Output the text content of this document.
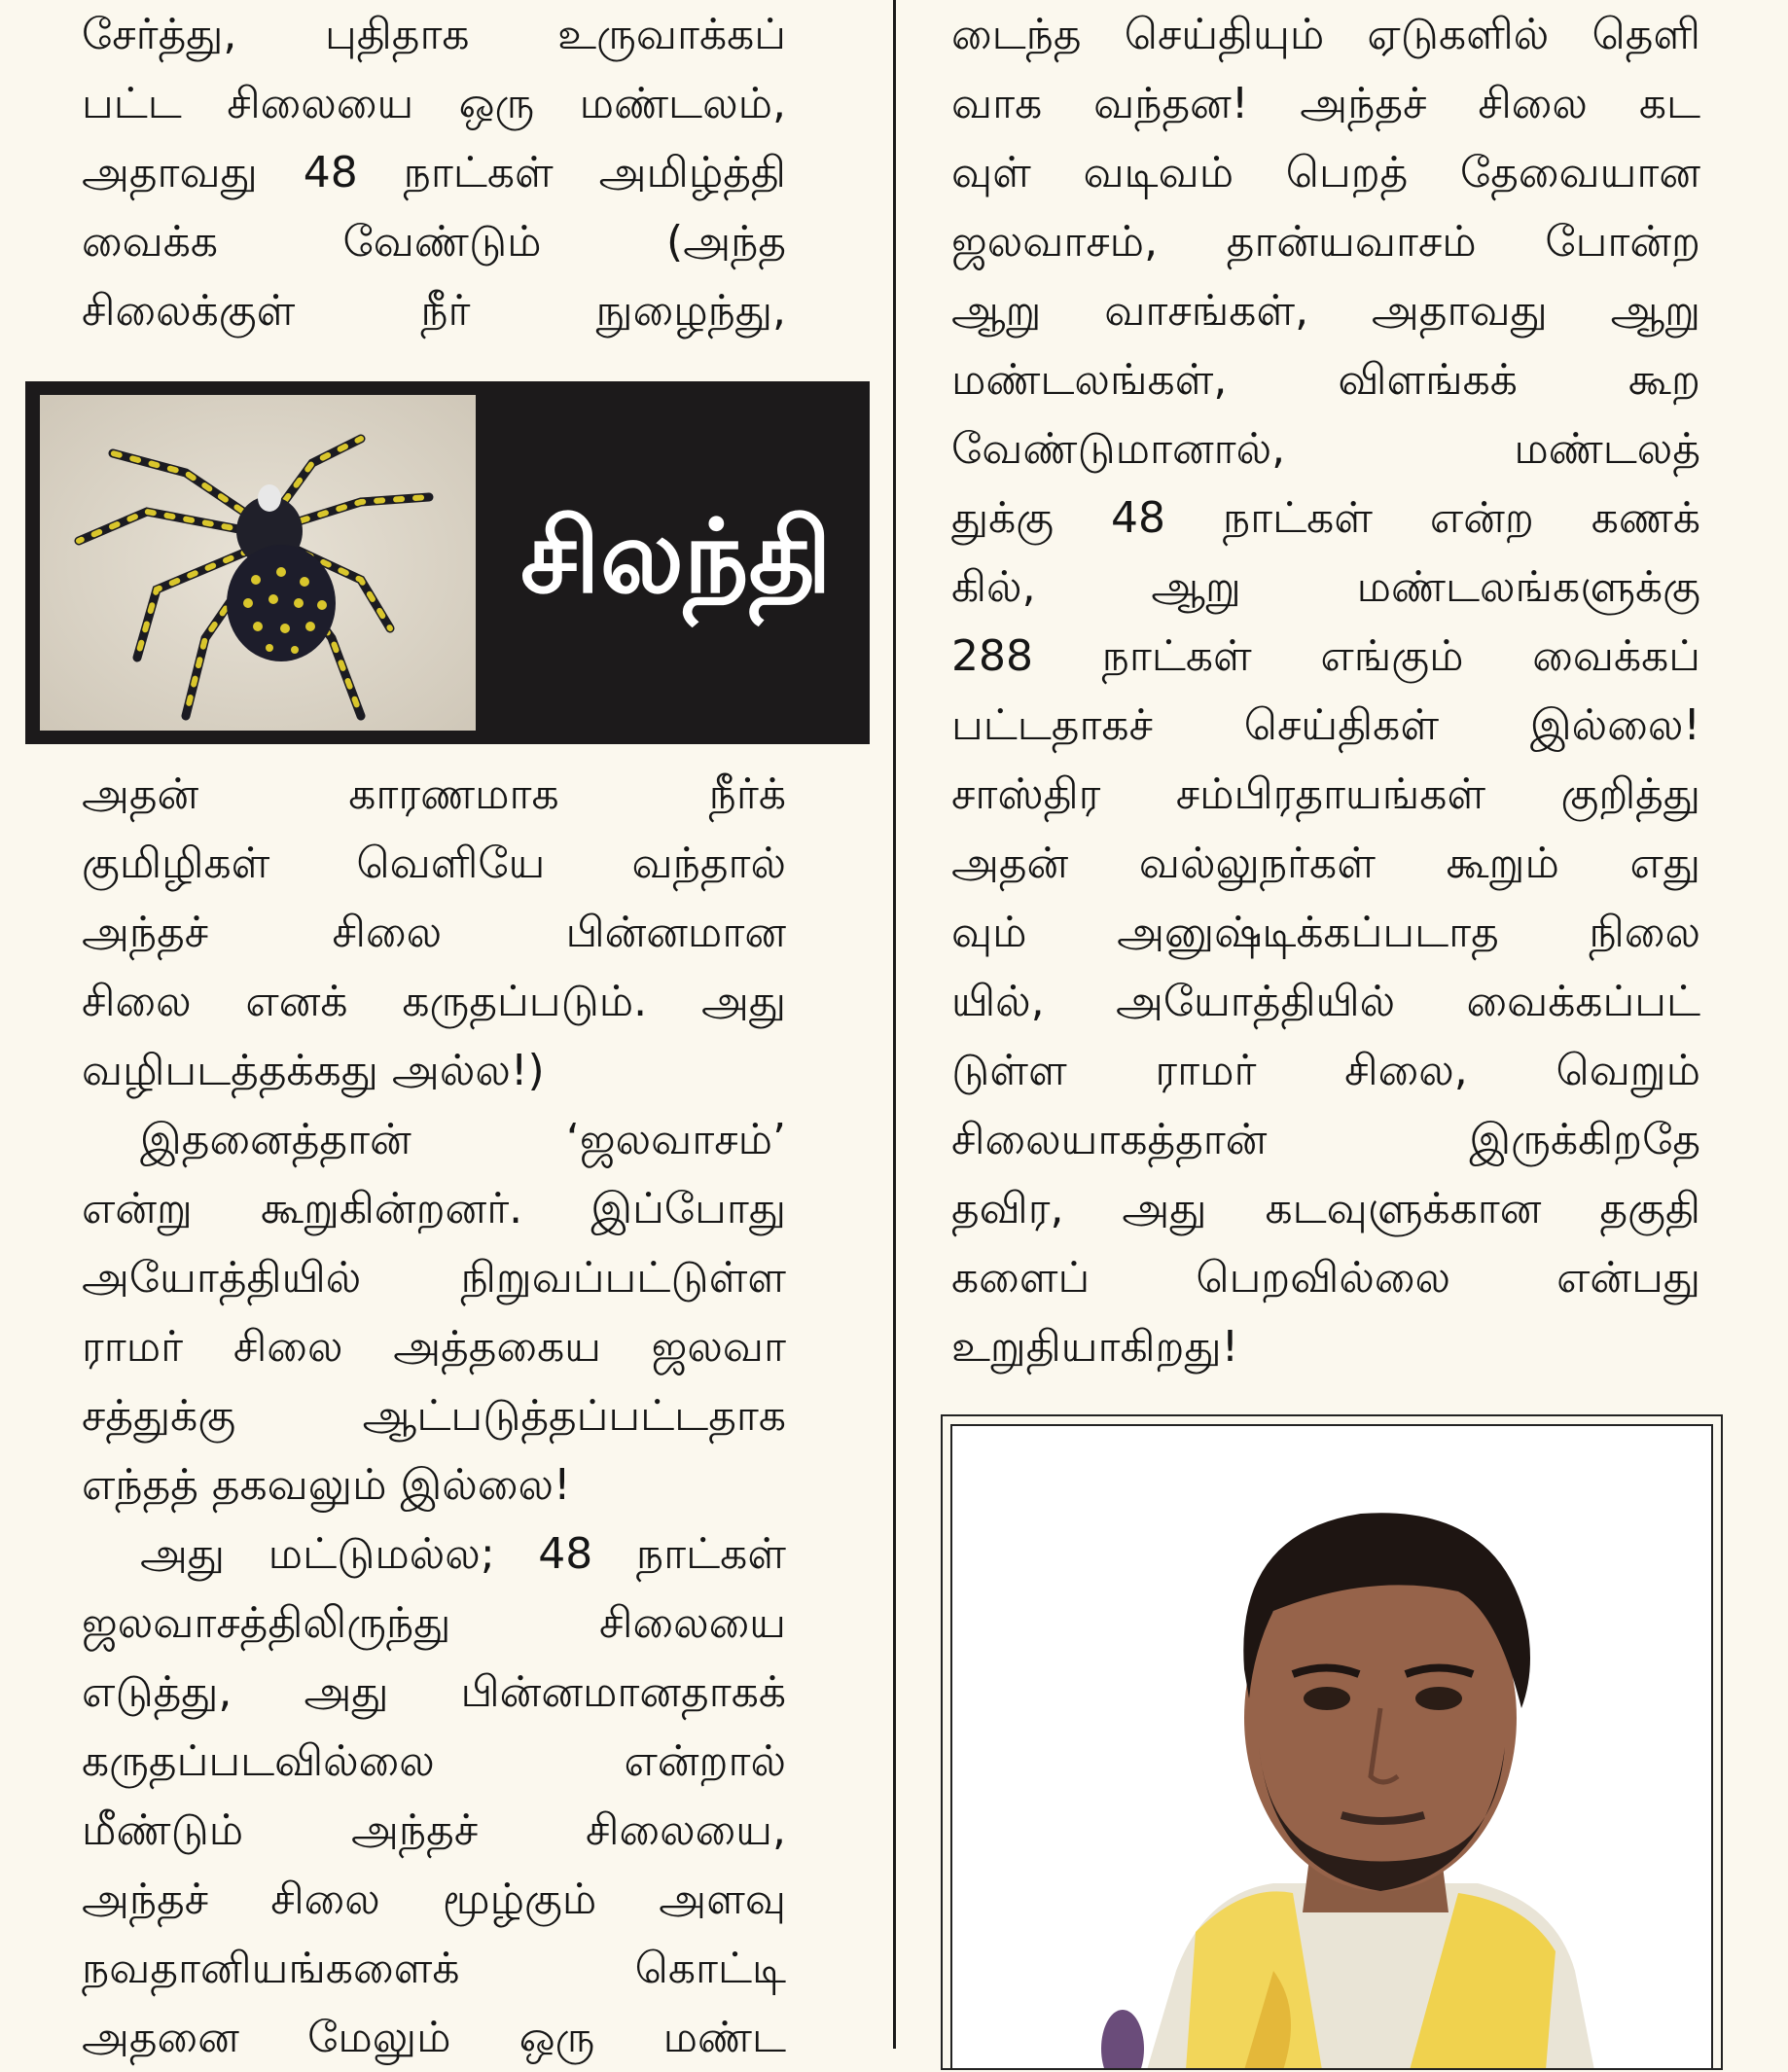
சேர்த்து, புதிதாக உருவாக்கப்
பட்ட சிலையை ஒரு மண்டலம்,
அதாவது 48 நாட்கள் அமிழ்த்தி
வைக்க வேண்டும் (அந்த
சிலைக்குள் நீர் நுழைந்து,
சிலந்தி
அதன் காரணமாக நீர்க்
குமிழிகள் வெளியே வந்தால்
அந்தச் சிலை பின்னமான
சிலை எனக் கருதப்படும். அது
வழிபடத்தக்கது அல்ல!)
இதனைத்தான் ‘ஜலவாசம்’
என்று கூறுகின்றனர். இப்போது
அயோத்தியில் நிறுவப்பட்டுள்ள
ராமர் சிலை அத்தகைய ஜலவா
சத்துக்கு ஆட்படுத்தப்பட்டதாக
எந்தத் தகவலும் இல்லை!
அது மட்டுமல்ல; 48 நாட்கள்
ஜலவாசத்திலிருந்து சிலையை
எடுத்து, அது பின்னமானதாகக்
கருதப்படவில்லை என்றால்
மீண்டும் அந்தச் சிலையை,
அந்தச் சிலை மூழ்கும் அளவு
நவதானியங்களைக் கொட்டி
அதனை மேலும் ஒரு மண்ட
டைந்த செய்தியும் ஏடுகளில் தெளி
வாக வந்தன! அந்தச் சிலை கட
வுள் வடிவம் பெறத் தேவையான
ஜலவாசம், தான்யவாசம் போன்ற
ஆறு வாசங்கள், அதாவது ஆறு
மண்டலங்கள், விளங்கக் கூற
வேண்டுமானால், மண்டலத்
துக்கு 48 நாட்கள் என்ற கணக்
கில், ஆறு மண்டலங்களுக்கு
288 நாட்கள் எங்கும் வைக்கப்
பட்டதாகச் செய்திகள் இல்லை!
சாஸ்திர சம்பிரதாயங்கள் குறித்து
அதன் வல்லுநர்கள் கூறும் எது
வும் அனுஷ்டிக்கப்படாத நிலை
யில், அயோத்தியில் வைக்கப்பட்
டுள்ள ராமர் சிலை, வெறும்
சிலையாகத்தான் இருக்கிறதே
தவிர, அது கடவுளுக்கான தகுதி
களைப் பெறவில்லை என்பது
உறுதியாகிறது!
